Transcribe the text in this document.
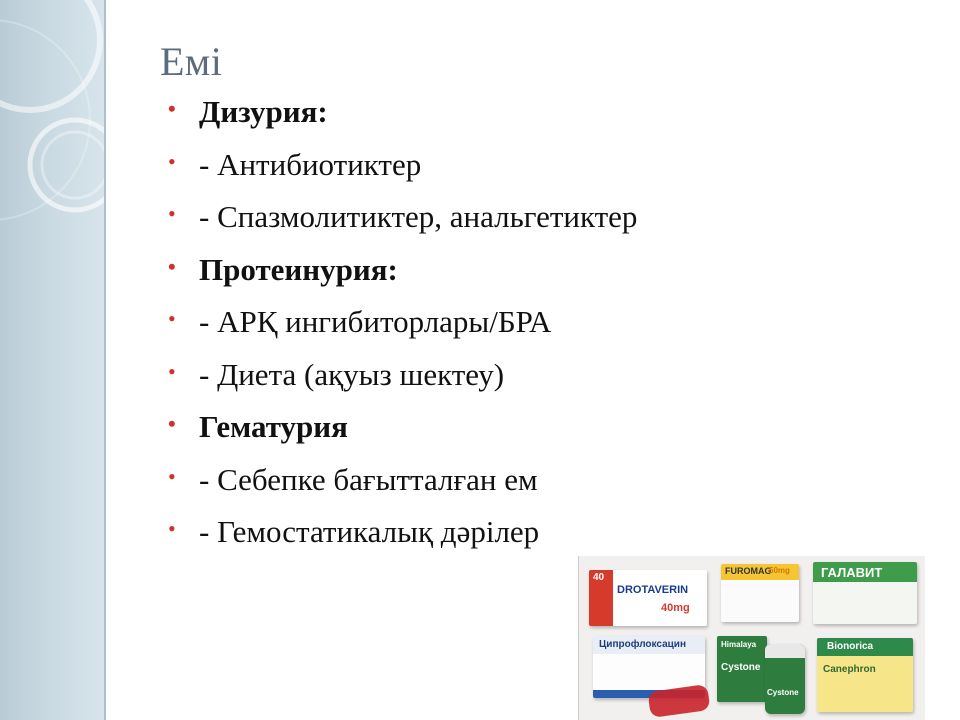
Емі
• Дизурия:
• - Антибиотиктер
• - Спазмолитиктер, анальгетиктер
• Протеинурия:
• - АРҚ ингибиторлары/БРА
• - Диета (ақуыз шектеу)
• Гематурия
• - Себепке бағытталған ем
• - Гемостатикалық дәрілер
40
DROTAVERIN
40mg
FUROMAG
50mg ГАЛАВИТ
Ципрофлоксацин	Himalaya
Cystone
Cystone
Bionorica
Canephron
